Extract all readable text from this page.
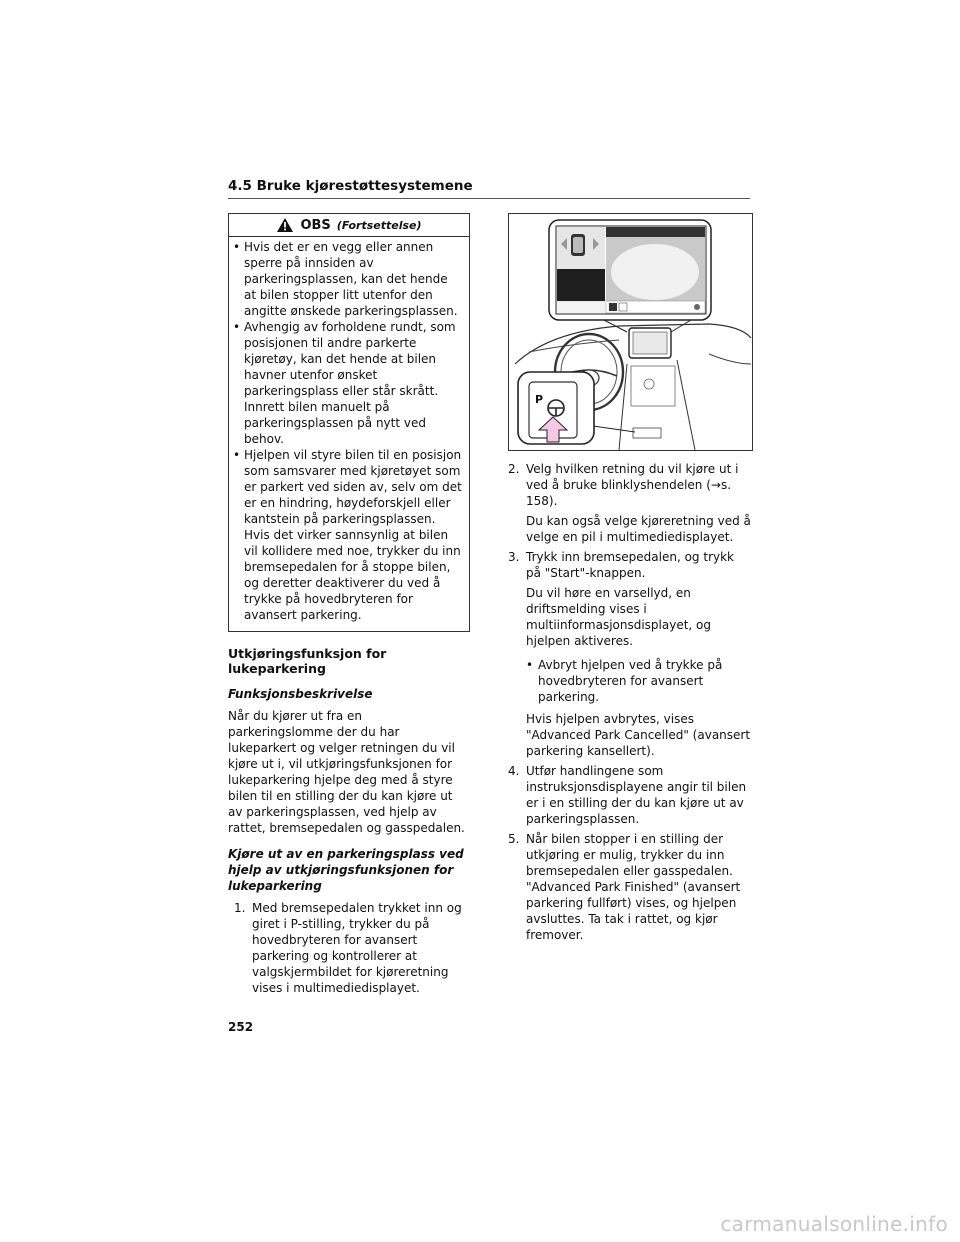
4.5 Bruke kjørestøttesystemene
OBS (Fortsettelse)
• Hvis det er en vegg eller annen sperre på innsiden av parkeringsplassen, kan det hende at bilen stopper litt utenfor den angitte ønskede parkeringsplassen.
• Avhengig av forholdene rundt, som posisjonen til andre parkerte kjøretøy, kan det hende at bilen havner utenfor ønsket parkeringsplass eller står skrått. Innrett bilen manuelt på parkeringsplassen på nytt ved behov.
• Hjelpen vil styre bilen til en posisjon som samsvarer med kjøretøyet som er parkert ved siden av, selv om det er en hindring, høydeforskjell eller kantstein på parkeringsplassen. Hvis det virker sannsynlig at bilen vil kollidere med noe, trykker du inn bremsepedalen for å stoppe bilen, og deretter deaktiverer du ved å trykke på hovedbryteren for avansert parkering.
Utkjøringsfunksjon for lukeparkering
Funksjonsbeskrivelse

Når du kjører ut fra en parkeringslomme der du har lukeparkert og velger retningen du vil kjøre ut i, vil utkjøringsfunksjonen for lukeparkering hjelpe deg med å styre bilen til en stilling der du kan kjøre ut av parkeringsplassen, ved hjelp av rattet, bremsepedalen og gasspedalen.

Kjøre ut av en parkeringsplass ved hjelp av utkjøringsfunksjonen for lukeparkering
1. Med bremsepedalen trykket inn og giret i P-stilling, trykker du på hovedbryteren for avansert parkering og kontrollerer at valgskjermbildet for kjøreretning vises i multimediedisplayet.
P
2. Velg hvilken retning du vil kjøre ut i ved å bruke blinklyshendelen (→s. 158).
Du kan også velge kjøreretning ved å velge en pil i multimediedisplayet.
3. Trykk inn bremsepedalen, og trykk på "Start"-knappen.
Du vil høre en varsellyd, en driftsmelding vises i multiinformasjonsdisplayet, og hjelpen aktiveres.
• Avbryt hjelpen ved å trykke på hovedbryteren for avansert parkering.
Hvis hjelpen avbrytes, vises "Advanced Park Cancelled" (avansert parkering kansellert).
4. Utfør handlingene som instruksjonsdisplayene angir til bilen er i en stilling der du kan kjøre ut av parkeringsplassen.
5. Når bilen stopper i en stilling der utkjøring er mulig, trykker du inn bremsepedalen eller gasspedalen. "Advanced Park Finished" (avansert parkering fullført) vises, og hjelpen avsluttes. Ta tak i rattet, og kjør fremover.
252
carmanualsonline.info
